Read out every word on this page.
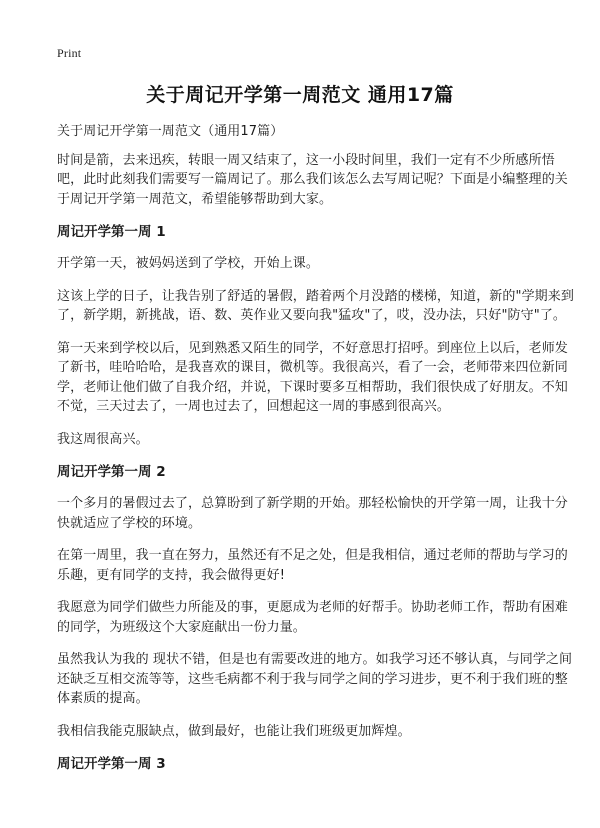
Print
关于周记开学第一周范文 通用17篇

关于周记开学第一周范文（通用17篇）

时间是箭，去来迅疾，转眼一周又结束了，这一小段时间里，我们一定有不少所感所悟吧，此时此刻我们需要写一篇周记了。那么我们该怎么去写周记呢？下面是小编整理的关于周记开学第一周范文，希望能够帮助到大家。

周记开学第一周 1

开学第一天，被妈妈送到了学校，开始上课。

这该上学的日子，让我告别了舒适的暑假，踏着两个月没踏的楼梯，知道，新的"学期来到了，新学期，新挑战，语、数、英作业又要向我"猛攻"了，哎，没办法，只好"防守"了。

第一天来到学校以后，见到熟悉又陌生的同学，不好意思打招呼。到座位上以后，老师发了新书，哇哈哈哈，是我喜欢的课目，微机等。我很高兴，看了一会，老师带来四位新同学，老师让他们做了自我介绍，并说，下课时要多互相帮助，我们很快成了好朋友。不知不觉，三天过去了，一周也过去了，回想起这一周的事感到很高兴。

我这周很高兴。

周记开学第一周 2

一个多月的暑假过去了，总算盼到了新学期的开始。那轻松愉快的开学第一周，让我十分快就适应了学校的环境。

在第一周里，我一直在努力，虽然还有不足之处，但是我相信，通过老师的帮助与学习的乐趣，更有同学的支持，我会做得更好!

我愿意为同学们做些力所能及的事，更愿成为老师的好帮手。协助老师工作，帮助有困难的同学，为班级这个大家庭献出一份力量。

虽然我认为我的 现状不错，但是也有需要改进的地方。如我学习还不够认真，与同学之间还缺乏互相交流等等，这些毛病都不利于我与同学之间的学习进步，更不利于我们班的整体素质的提高。

我相信我能克服缺点，做到最好，也能让我们班级更加辉煌。

周记开学第一周 3
